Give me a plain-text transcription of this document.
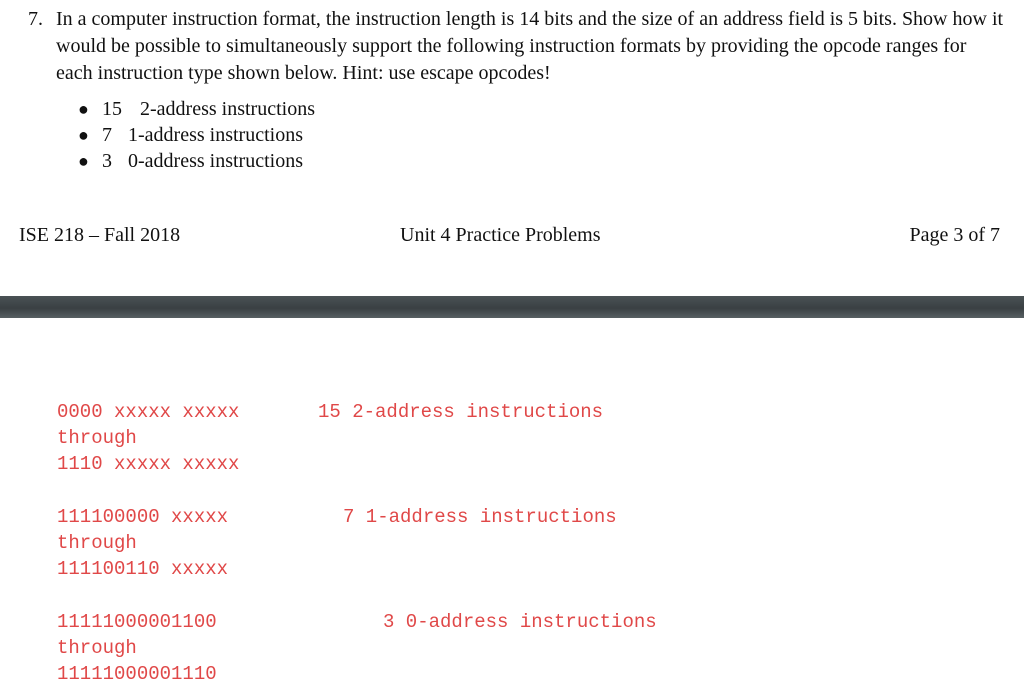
7. In a computer instruction format, the instruction length is 14 bits and the size of an address field is 5 bits. Show how it would be possible to simultaneously support the following instruction formats by providing the opcode ranges for each instruction type shown below. Hint: use escape opcodes!
● 15 2-address instructions
● 7 1-address instructions
● 3 0-address instructions
ISE 218 – Fall 2018	Unit 4 Practice Problems	Page 3 of 7
0000 xxxxx xxxxx
through
1110 xxxxx xxxxx
15 2-address instructions
111100000 xxxxx
through
111100110 xxxxx
7 1-address instructions
11111000001100
through
11111000001110
3 0-address instructions
